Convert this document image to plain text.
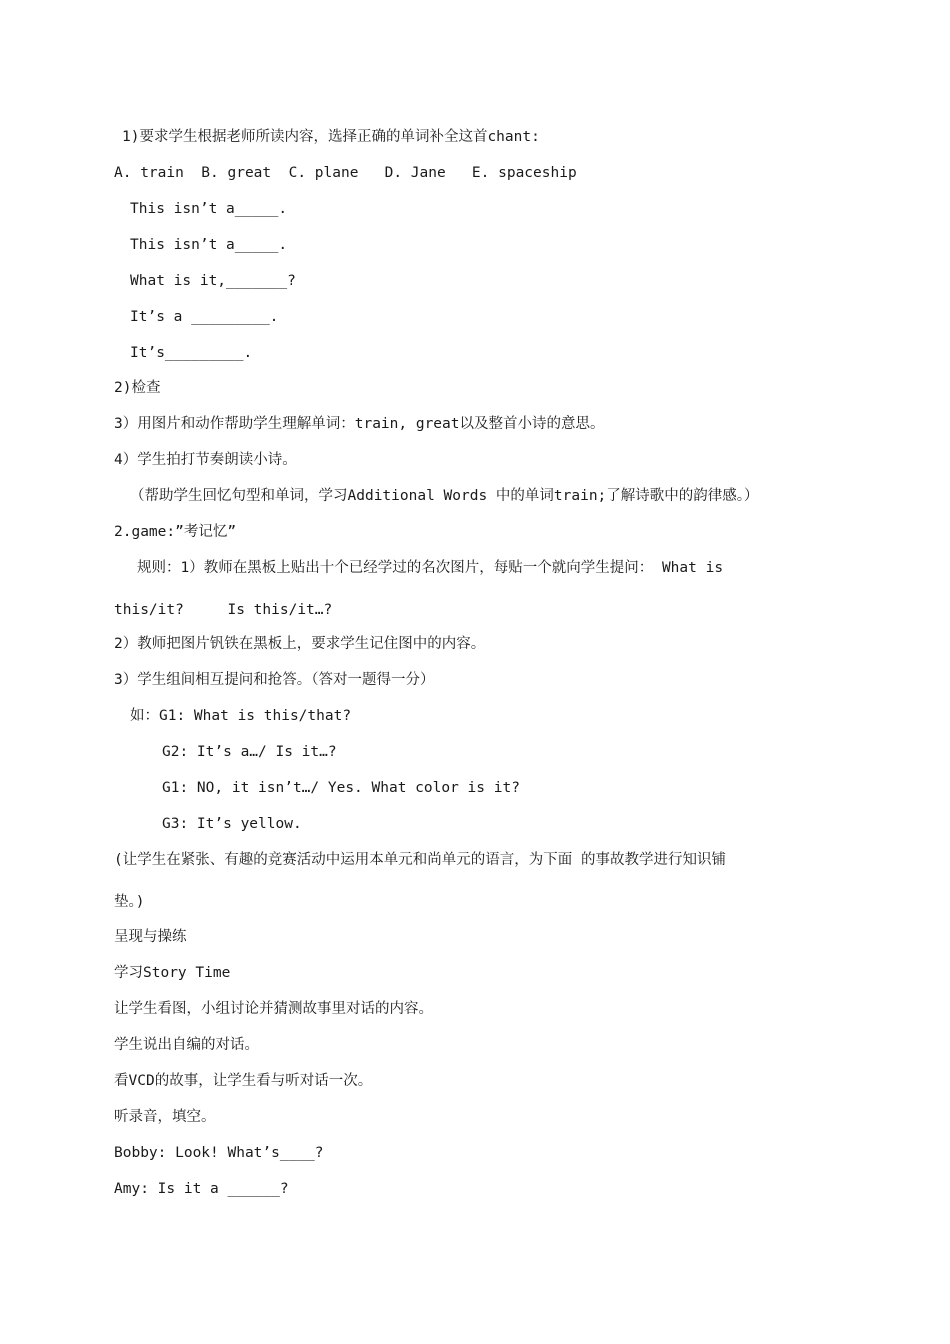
1)要求学生根据老师所读内容，选择正确的单词补全这首chant:
A. train  B. great  C. plane   D. Jane   E. spaceship
This isn’t a_____.
This isn’t a_____.
What is it,_______?
It’s a _________.
It’s_________.
2)检查
3）用图片和动作帮助学生理解单词：train, great以及整首小诗的意思。
4）学生拍打节奏朗读小诗。
（帮助学生回忆句型和单词，学习Additional Words 中的单词train;了解诗歌中的韵律感。）
2.game:”考记忆”
规则：1）教师在黑板上贴出十个已经学过的名次图片，每贴一个就向学生提问： What is
this/it?     Is this/it…?
2）教师把图片钒铁在黑板上，要求学生记住图中的内容。
3）学生组间相互提问和抢答。（答对一题得一分）
如：G1: What is this/that?
G2: It’s a…/ Is it…?
G1: NO, it isn’t…/ Yes. What color is it?
G3: It’s yellow.
(让学生在紧张、有趣的竞赛活动中运用本单元和尚单元的语言，为下面 的事故教学进行知识铺
垫。)
呈现与操练
学习Story Time
让学生看图，小组讨论并猜测故事里对话的内容。
学生说出自编的对话。
看VCD的故事，让学生看与听对话一次。
听录音，填空。
Bobby: Look! What’s____?
Amy: Is it a ______?
